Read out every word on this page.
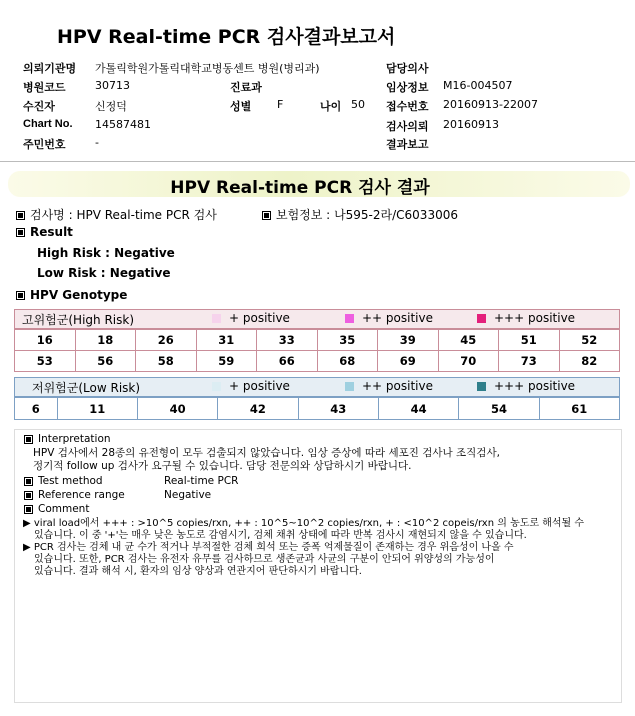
HPV Real-time PCR 검사결과보고서
의뢰기관명 가톨릭학원가톨릭대학교병동센트 병원(병리과)	담당의사
병원코드	30713	진료과	임상정보 M16-004507
수진자	신정덕	성별 F	나이 50 접수번호 20160913-22007
Chart No. 14587481	검사의뢰 20160913
주민번호	-	결과보고
HPV Real-time PCR 검사 결과
검사명 : HPV Real-time PCR 검사	보험정보 : 나595-2라/C6033006
Result
High Risk : Negative
Low Risk : Negative
HPV Genotype
고위험군(High Risk)	+ positive	++ positive	+++ positive
16	18	26	31	33	35	39	45	51	52
53	56	58	59	66	68	69	70	73	82
저위험군(Low Risk)	+ positive	++ positive	+++ positive
6	11	40	42	43	44	54	61
Interpretation
HPV 검사에서 28종의 유전형이 모두 검출되지 않았습니다. 임상 증상에 따라 세포진 검사나 조직검사,
정기적 follow up 검사가 요구될 수 있습니다. 담당 전문의와 상담하시기 바랍니다.
Test method	Real-time PCR
Reference range	Negative
Comment
▶ viral load에서 +++ : >10^5 copies/rxn, ++ : 10^5~10^2 copies/rxn, + : <10^2 copeis/rxn 의 농도로 해석될 수
있습니다. 이 중 '+'는 매우 낮은 농도로 감염시기, 검체 채취 상태에 따라 반복 검사시 재현되지 않을 수 있습니다.
▶ PCR 검사는 검체 내 균 수가 적거나 부적절한 검체 희석 또는 증폭 억제물질이 존재하는 경우 위음성이 나올 수
있습니다. 또한, PCR 검사는 유전자 유무를 검사하므로 생존균과 사균의 구분이 안되어 위양성의 가능성이
있습니다. 결과 해석 시, 환자의 임상 양상과 연관지어 판단하시기 바랍니다.
